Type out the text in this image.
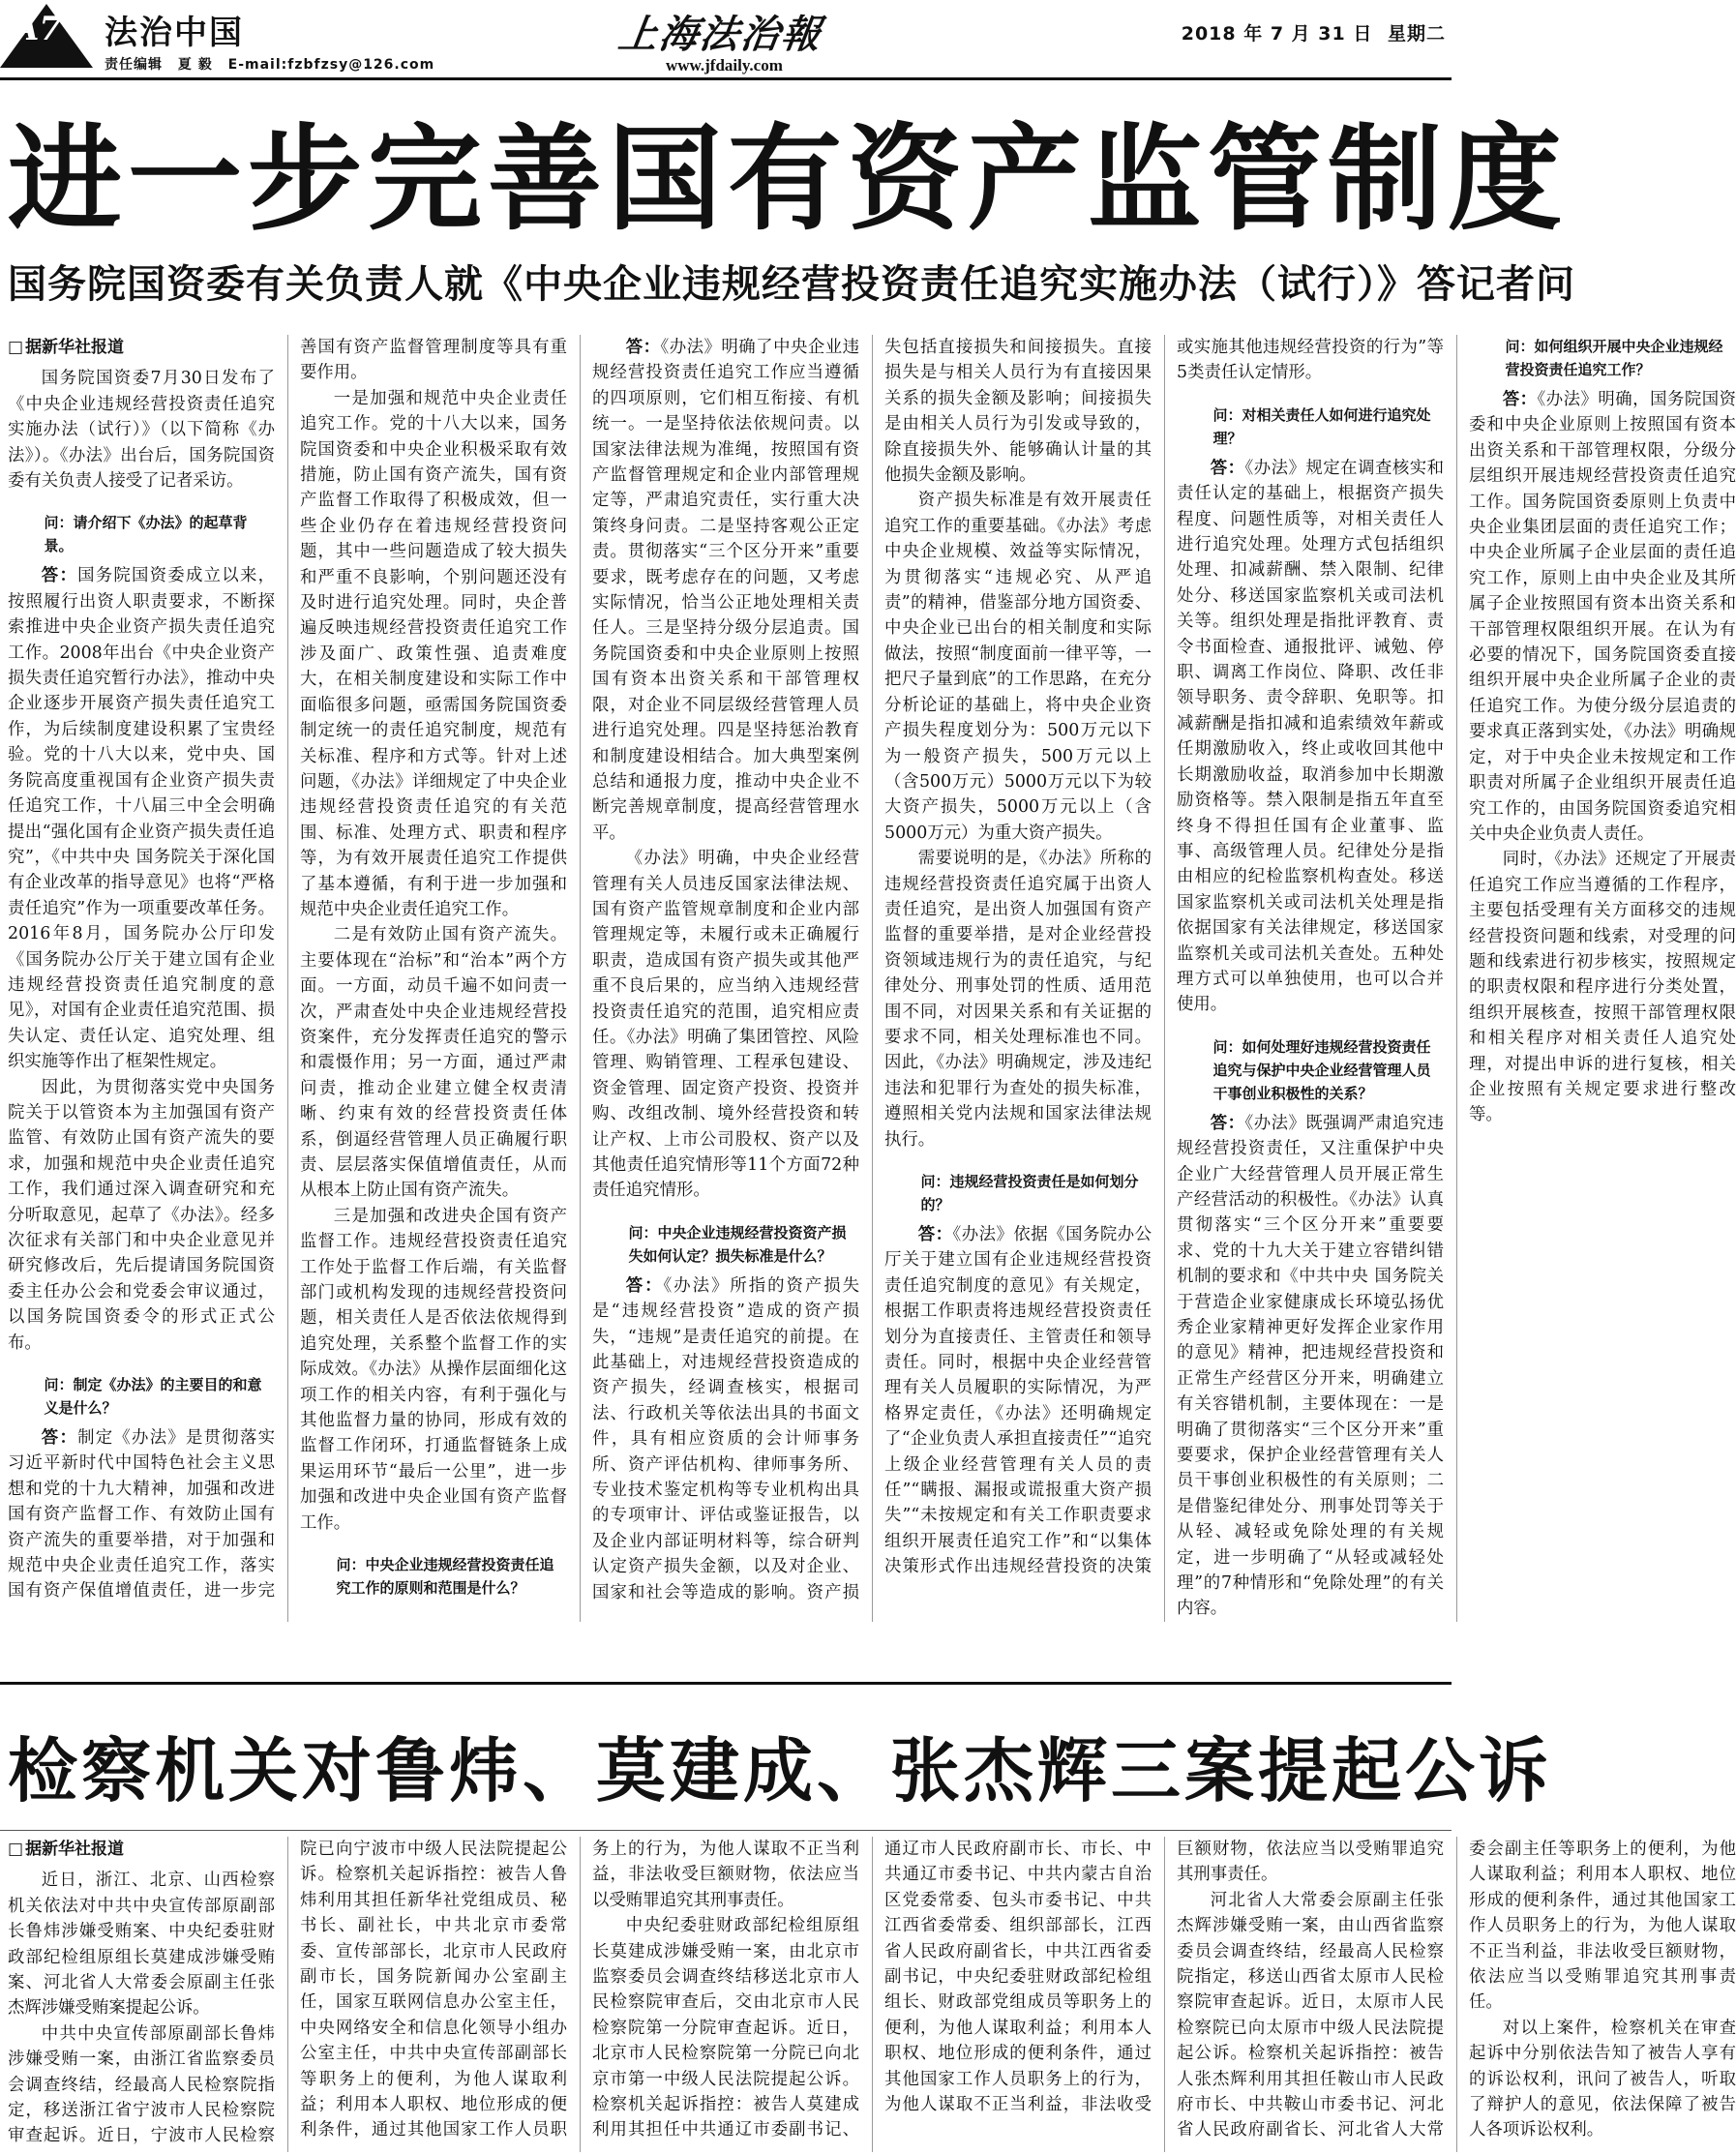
A7 法治中国
责任编辑 夏 毅 E-mail:fzbfzsy@126.com
上海法治報
www.jfdaily.com
2018 年 7 月 31 日 星期二
进一步完善国有资产监管制度
国务院国资委有关负责人就《中央企业违规经营投资责任追究实施办法（试行）》答记者问
□ 据新华社报道

国务院国资委7月30日发布了《中央企业违规经营投资责任追究实施办法（试行）》（以下简称《办法》）。《办法》出台后，国务院国资委有关负责人接受了记者采访。

问：请介绍下《办法》的起草背景。

答：国务院国资委成立以来，按照履行出资人职责要求，不断探索推进中央企业资产损失责任追究工作。2008年出台《中央企业资产损失责任追究暂行办法》，推动中央企业逐步开展资产损失责任追究工作，为后续制度建设积累了宝贵经验。党的十八大以来，党中央、国务院高度重视国有企业资产损失责任追究工作，十八届三中全会明确提出“强化国有企业资产损失责任追究”，《中共中央 国务院关于深化国有企业改革的指导意见》也将“严格责任追究”作为一项重要改革任务。2016年8月，国务院办公厅印发《国务院办公厅关于建立国有企业违规经营投资责任追究制度的意见》，对国有企业责任追究范围、损失认定、责任认定、追究处理、组织实施等作出了框架性规定。

因此，为贯彻落实党中央国务院关于以管资本为主加强国有资产监管、有效防止国有资产流失的要求，加强和规范中央企业责任追究工作，我们通过深入调查研究和充分听取意见，起草了《办法》。经多次征求有关部门和中央企业意见并研究修改后，先后提请国务院国资委主任办公会和党委会审议通过，以国务院国资委令的形式正式公布。

问：制定《办法》的主要目的和意义是什么？

答：制定《办法》是贯彻落实习近平新时代中国特色社会主义思想和党的十九大精神，加强和改进国有资产监督工作、有效防止国有资产流失的重要举措，对于加强和规范中央企业责任追究工作，落实国有资产保值增值责任，进一步完善国有资产监督管理制度等具有重要作用。

一是加强和规范中央企业责任追究工作。党的十八大以来，国务院国资委和中央企业积极采取有效措施，防止国有资产流失，国有资产监督工作取得了积极成效，但一些企业仍存在着违规经营投资问题，其中一些问题造成了较大损失和严重不良影响，个别问题还没有及时进行追究处理。同时，央企普遍反映违规经营投资责任追究工作涉及面广、政策性强、追责难度大，在相关制度建设和实际工作中面临很多问题，亟需国务院国资委制定统一的责任追究制度，规范有关标准、程序和方式等。针对上述问题，《办法》详细规定了中央企业违规经营投资责任追究的有关范围、标准、处理方式、职责和程序等，为有效开展责任追究工作提供了基本遵循，有利于进一步加强和规范中央企业责任追究工作。

二是有效防止国有资产流失。主要体现在“治标”和“治本”两个方面。一方面，动员千遍不如问责一次，严肃查处中央企业违规经营投资案件，充分发挥责任追究的警示和震慑作用；另一方面，通过严肃问责，推动企业建立健全权责清晰、约束有效的经营投资责任体系，倒逼经营管理人员正确履行职责、层层落实保值增值责任，从而从根本上防止国有资产流失。

三是加强和改进央企国有资产监督工作。违规经营投资责任追究工作处于监督工作后端，有关监督部门或机构发现的违规经营投资问题，相关责任人是否依法依规得到追究处理，关系整个监督工作的实际成效。《办法》从操作层面细化这项工作的相关内容，有利于强化与其他监督力量的协同，形成有效的监督工作闭环，打通监督链条上成果运用环节“最后一公里”，进一步加强和改进中央企业国有资产监督工作。

问：中央企业违规经营投资责任追究工作的原则和范围是什么？

答：《办法》明确了中央企业违规经营投资责任追究工作应当遵循的四项原则，它们相互衔接、有机统一。一是坚持依法依规问责。以国家法律法规为准绳，按照国有资产监督管理规定和企业内部管理规定等，严肃追究责任，实行重大决策终身问责。二是坚持客观公正定责。贯彻落实“三个区分开来”重要要求，既考虑存在的问题，又考虑实际情况，恰当公正地处理相关责任人。三是坚持分级分层追责。国务院国资委和中央企业原则上按照国有资本出资关系和干部管理权限，对企业不同层级经营管理人员进行追究处理。四是坚持惩治教育和制度建设相结合。加大典型案例总结和通报力度，推动中央企业不断完善规章制度，提高经营管理水平。

《办法》明确，中央企业经营管理有关人员违反国家法律法规、国有资产监管规章制度和企业内部管理规定等，未履行或未正确履行职责，造成国有资产损失或其他严重不良后果的，应当纳入违规经营投资责任追究的范围，追究相应责任。《办法》明确了集团管控、风险管理、购销管理、工程承包建设、资金管理、固定资产投资、投资并购、改组改制、境外经营投资和转让产权、上市公司股权、资产以及其他责任追究情形等11个方面72种责任追究情形。

问：中央企业违规经营投资资产损失如何认定？损失标准是什么？

答：《办法》所指的资产损失是“违规经营投资”造成的资产损失，“违规”是责任追究的前提。在此基础上，对违规经营投资造成的资产损失，经调查核实，根据司法、行政机关等依法出具的书面文件，具有相应资质的会计师事务所、资产评估机构、律师事务所、专业技术鉴定机构等专业机构出具的专项审计、评估或鉴证报告，以及企业内部证明材料等，综合研判认定资产损失金额，以及对企业、国家和社会等造成的影响。资产损失包括直接损失和间接损失。直接损失是与相关人员行为有直接因果关系的损失金额及影响；间接损失是由相关人员行为引发或导致的，除直接损失外、能够确认计量的其他损失金额及影响。

资产损失标准是有效开展责任追究工作的重要基础。《办法》考虑中央企业规模、效益等实际情况，为贯彻落实“违规必究、从严追责”的精神，借鉴部分地方国资委、中央企业已出台的相关制度和实际做法，按照“制度面前一律平等，一把尺子量到底”的工作思路，在充分分析论证的基础上，将中央企业资产损失程度划分为：500万元以下为一般资产损失，500万元以上（含500万元）5000万元以下为较大资产损失，5000万元以上（含5000万元）为重大资产损失。

需要说明的是，《办法》所称的违规经营投资责任追究属于出资人责任追究，是出资人加强国有资产监督的重要举措，是对企业经营投资领域违规行为的责任追究，与纪律处分、刑事处罚的性质、适用范围不同，对因果关系和有关证据的要求不同，相关处理标准也不同。因此，《办法》明确规定，涉及违纪违法和犯罪行为查处的损失标准，遵照相关党内法规和国家法律法规执行。

问：违规经营投资责任是如何划分的？

答：《办法》依据《国务院办公厅关于建立国有企业违规经营投资责任追究制度的意见》有关规定，根据工作职责将违规经营投资责任划分为直接责任、主管责任和领导责任。同时，根据中央企业经营管理有关人员履职的实际情况，为严格界定责任，《办法》还明确规定了“企业负责人承担直接责任”“追究上级企业经营管理有关人员的责任”“瞒报、漏报或谎报重大资产损失”“未按规定和有关工作职责要求组织开展责任追究工作”和“以集体决策形式作出违规经营投资的决策或实施其他违规经营投资的行为”等5类责任认定情形。

问：对相关责任人如何进行追究处理？

答：《办法》规定在调查核实和责任认定的基础上，根据资产损失程度、问题性质等，对相关责任人进行追究处理。处理方式包括组织处理、扣减薪酬、禁入限制、纪律处分、移送国家监察机关或司法机关等。组织处理是指批评教育、责令书面检查、通报批评、诫勉、停职、调离工作岗位、降职、改任非领导职务、责令辞职、免职等。扣减薪酬是指扣减和追索绩效年薪或任期激励收入，终止或收回其他中长期激励收益，取消参加中长期激励资格等。禁入限制是指五年直至终身不得担任国有企业董事、监事、高级管理人员。纪律处分是指由相应的纪检监察机构查处。移送国家监察机关或司法机关处理是指依据国家有关法律规定，移送国家监察机关或司法机关查处。五种处理方式可以单独使用，也可以合并使用。

问：如何处理好违规经营投资责任追究与保护中央企业经营管理人员干事创业积极性的关系？

答：《办法》既强调严肃追究违规经营投资责任，又注重保护中央企业广大经营管理人员开展正常生产经营活动的积极性。《办法》认真贯彻落实“三个区分开来”重要要求、党的十九大关于建立容错纠错机制的要求和《中共中央 国务院关于营造企业家健康成长环境弘扬优秀企业家精神更好发挥企业家作用的意见》精神，把违规经营投资和正常生产经营区分开来，明确建立有关容错机制，主要体现在：一是明确了贯彻落实“三个区分开来”重要要求，保护企业经营管理有关人员干事创业积极性的有关原则；二是借鉴纪律处分、刑事处罚等关于从轻、减轻或免除处理的有关规定，进一步明确了“从轻或减轻处理”的7种情形和“免除处理”的有关内容。

问：如何组织开展中央企业违规经营投资责任追究工作？

答：《办法》明确，国务院国资委和中央企业原则上按照国有资本出资关系和干部管理权限，分级分层组织开展违规经营投资责任追究工作。国务院国资委原则上负责中央企业集团层面的责任追究工作；中央企业所属子企业层面的责任追究工作，原则上由中央企业及其所属子企业按照国有资本出资关系和干部管理权限组织开展。在认为有必要的情况下，国务院国资委直接组织开展中央企业所属子企业的责任追究工作。为使分级分层追责的要求真正落到实处，《办法》明确规定，对于中央企业未按规定和工作职责对所属子企业组织开展责任追究工作的，由国务院国资委追究相关中央企业负责人责任。

同时，《办法》还规定了开展责任追究工作应当遵循的工作程序，主要包括受理有关方面移交的违规经营投资问题和线索，对受理的问题和线索进行初步核实，按照规定的职责权限和程序进行分类处置，组织开展核查，按照干部管理权限和相关程序对相关责任人追究处理，对提出申诉的进行复核，相关企业按照有关规定要求进行整改等。

检察机关对鲁炜、莫建成、张杰辉三案提起公诉
□ 据新华社报道

近日，浙江、北京、山西检察机关依法对中共中央宣传部原副部长鲁炜涉嫌受贿案、中央纪委驻财政部纪检组原组长莫建成涉嫌受贿案、河北省人大常委会原副主任张杰辉涉嫌受贿案提起公诉。

中共中央宣传部原副部长鲁炜涉嫌受贿一案，由浙江省监察委员会调查终结，经最高人民检察院指定，移送浙江省宁波市人民检察院审查起诉。近日，宁波市人民检察院已向宁波市中级人民法院提起公诉。检察机关起诉指控：被告人鲁炜利用其担任新华社党组成员、秘书长、副社长，中共北京市委常委、宣传部部长，北京市人民政府副市长，国务院新闻办公室副主任，国家互联网信息办公室主任，中央网络安全和信息化领导小组办公室主任，中共中央宣传部副部长等职务上的便利，为他人谋取利益；利用本人职权、地位形成的便利条件，通过其他国家工作人员职务上的行为，为他人谋取不正当利益，非法收受巨额财物，依法应当以受贿罪追究其刑事责任。

中央纪委驻财政部纪检组原组长莫建成涉嫌受贿一案，由北京市监察委员会调查终结移送北京市人民检察院审查后，交由北京市人民检察院第一分院审查起诉。近日，北京市人民检察院第一分院已向北京市第一中级人民法院提起公诉。检察机关起诉指控：被告人莫建成利用其担任中共通辽市委副书记、通辽市人民政府副市长、市长、中共通辽市委书记、中共内蒙古自治区党委常委、包头市委书记、中共江西省委常委、组织部部长，江西省人民政府副省长，中共江西省委副书记，中央纪委驻财政部纪检组组长、财政部党组成员等职务上的便利，为他人谋取利益；利用本人职权、地位形成的便利条件，通过其他国家工作人员职务上的行为，为他人谋取不正当利益，非法收受巨额财物，依法应当以受贿罪追究其刑事责任。

河北省人大常委会原副主任张杰辉涉嫌受贿一案，由山西省监察委员会调查终结，经最高人民检察院指定，移送山西省太原市人民检察院审查起诉。近日，太原市人民检察院已向太原市中级人民法院提起公诉。检察机关起诉指控：被告人张杰辉利用其担任鞍山市人民政府市长、中共鞍山市委书记、河北省人民政府副省长、河北省人大常委会副主任等职务上的便利，为他人谋取利益；利用本人职权、地位形成的便利条件，通过其他国家工作人员职务上的行为，为他人谋取不正当利益，非法收受巨额财物，依法应当以受贿罪追究其刑事责任。

对以上案件，检察机关在审查起诉中分别依法告知了被告人享有的诉讼权利，讯问了被告人，听取了辩护人的意见，依法保障了被告人各项诉讼权利。
